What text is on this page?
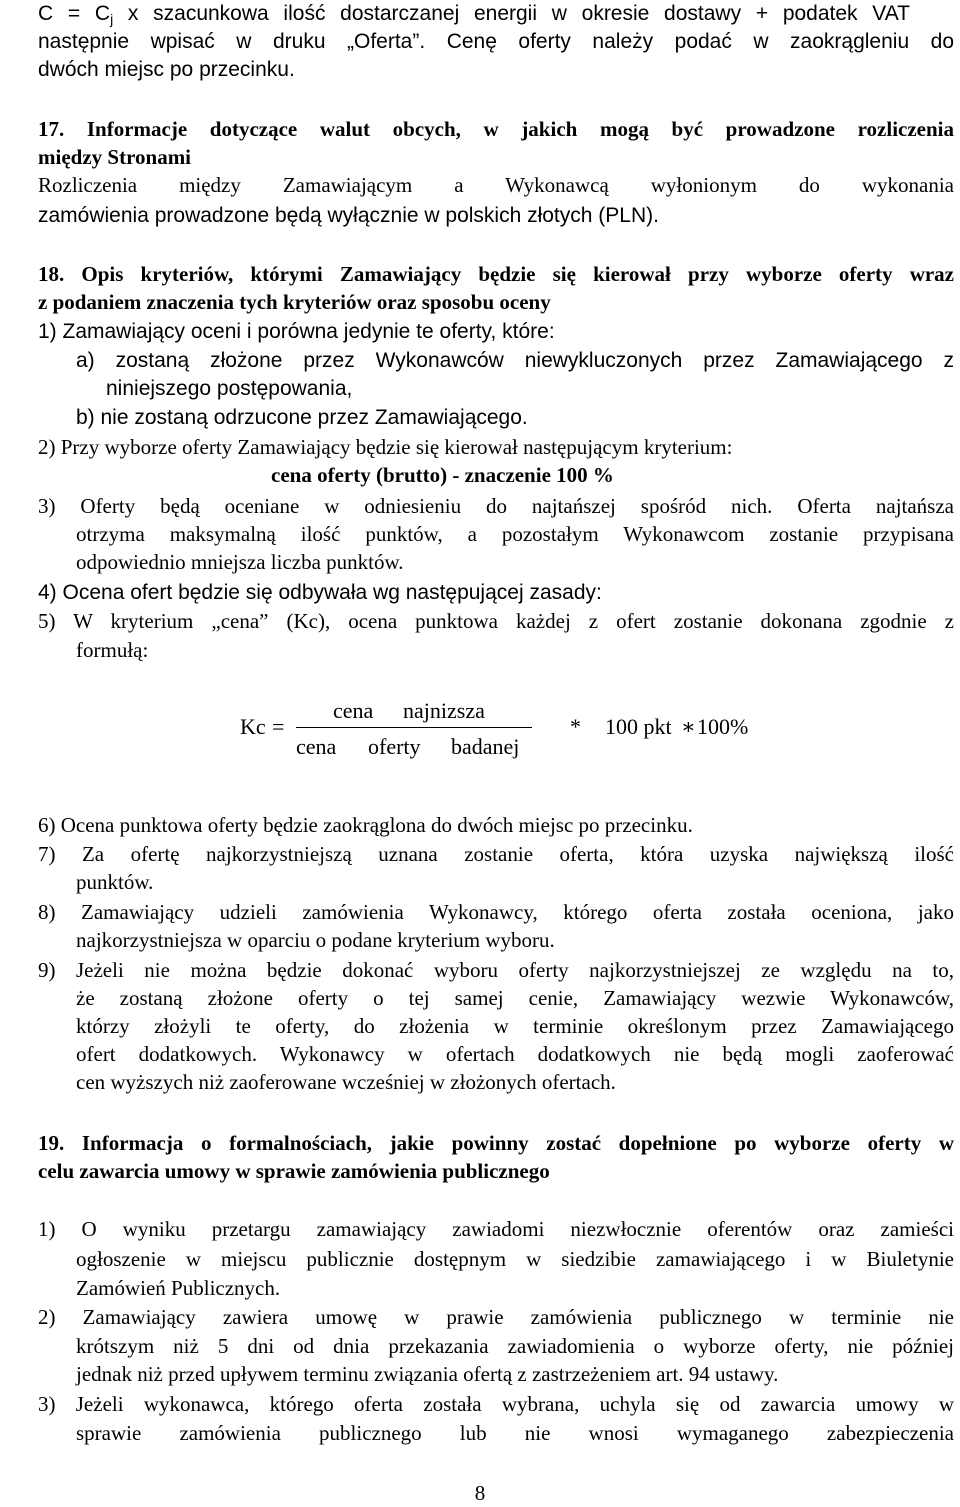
$C = C_j$ x szacunkowa ilość dostarczanej energii w okresie dostawy + podatek VAT
następnie wpisać w druku „Oferta”. Cenę oferty należy podać w zaokrągleniu do
dwóch miejsc po przecinku.
17. Informacje dotyczące walut obcych, w jakich mogą być prowadzone rozliczenia
między Stronami
Rozliczenia między Zamawiającym a Wykonawcą wyłonionym do wykonania
zamówienia prowadzone będą wyłącznie w polskich złotych (PLN).
18. Opis kryteriów, którymi Zamawiający będzie się kierował przy wyborze oferty wraz
z podaniem znaczenia tych kryteriów oraz sposobu oceny
1) Zamawiający oceni i porówna jedynie te oferty, które:
a) zostaną złożone przez Wykonawców niewykluczonych przez Zamawiającego z
niniejszego postępowania,
b) nie zostaną odrzucone przez Zamawiającego.
2) Przy wyborze oferty Zamawiający będzie się kierował następującym kryterium:
cena oferty (brutto) - znaczenie 100 %
3) Oferty będą oceniane w odniesieniu do najtańszej spośród nich. Oferta najtańsza
otrzyma maksymalną ilość punktów, a pozostałym Wykonawcom zostanie przypisana
odpowiednio mniejsza liczba punktów.
4) Ocena ofert będzie się odbywała wg następującej zasady:
5) W kryterium „cena” (Kc), ocena punktowa każdej z ofert zostanie dokonana zgodnie z
formułą:
Kc =
cena najnizsza
cena oferty badanej
* 100 pkt ∗ 100%
6) Ocena punktowa oferty będzie zaokrąglona do dwóch miejsc po przecinku.
7) Za ofertę najkorzystniejszą uznana zostanie oferta, która uzyska największą ilość
punktów.
8) Zamawiający udzieli zamówienia Wykonawcy, którego oferta została oceniona, jako
najkorzystniejsza w oparciu o podane kryterium wyboru.
9) Jeżeli nie można będzie dokonać wyboru oferty najkorzystniejszej ze względu na to,
że zostaną złożone oferty o tej samej cenie, Zamawiający wezwie Wykonawców,
którzy złożyli te oferty, do złożenia w terminie określonym przez Zamawiającego
ofert dodatkowych. Wykonawcy w ofertach dodatkowych nie będą mogli zaoferować
cen wyższych niż zaoferowane wcześniej w złożonych ofertach.
19. Informacja o formalnościach, jakie powinny zostać dopełnione po wyborze oferty w
celu zawarcia umowy w sprawie zamówienia publicznego
1) O wyniku przetargu zamawiający zawiadomi niezwłocznie oferentów oraz zamieści
ogłoszenie w miejscu publicznie dostępnym w siedzibie zamawiającego i w Biuletynie
Zamówień Publicznych.
2) Zamawiający zawiera umowę w prawie zamówienia publicznego w terminie nie
krótszym niż 5 dni od dnia przekazania zawiadomienia o wyborze oferty, nie później
jednak niż przed upływem terminu związania ofertą z zastrzeżeniem art. 94 ustawy.
3) Jeżeli wykonawca, którego oferta została wybrana, uchyla się od zawarcia umowy w
sprawie zamówienia publicznego lub nie wnosi wymaganego zabezpieczenia
8
